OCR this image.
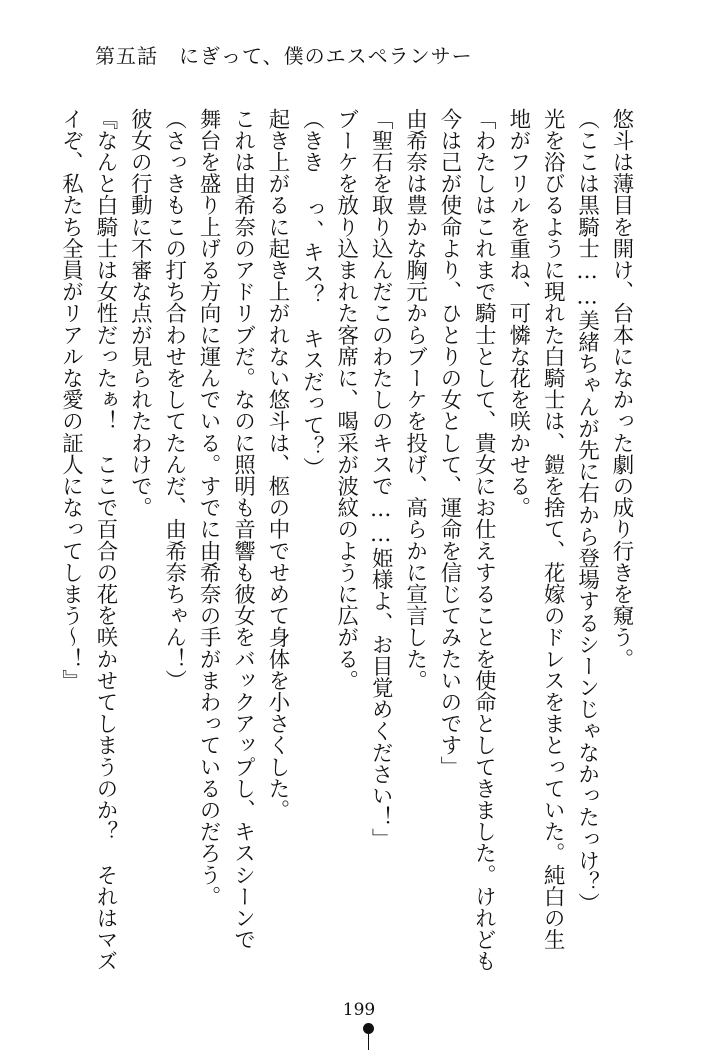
第五話　にぎって、僕のエスペランサー
悠斗は薄目を開け、台本になかった劇の成り行きを窺う。
（ここは黒騎士……美緒ちゃんが先に右から登場するシーンじゃなかったっけ？）
光を浴びるように現れた白騎士は、鎧を捨て、花嫁のドレスをまとっていた。純白の生
地がフリルを重ね、可憐な花を咲かせる。
「わたしはこれまで騎士として、貴女にお仕えすることを使命としてきました。けれども
今は己が使命より、ひとりの女として、運命を信じてみたいのです」
由希奈は豊かな胸元からブーケを投げ、高らかに宣言した。
「聖石を取り込んだこのわたしのキスで……姫様よ、お目覚めください！」
ブーケを放り込まれた客席に、喝采が波紋のように広がる。
（きき っ、キス？　キスだって？）
起き上がるに起き上がれない悠斗は、柩の中でせめて身体を小さくした。
これは由希奈のアドリブだ。なのに照明も音響も彼女をバックアップし、キスシーンで
舞台を盛り上げる方向に運んでいる。すでに由希奈の手がまわっているのだろう。
（さっきもこの打ち合わせをしてたんだ、由希奈ちゃん！）
彼女の行動に不審な点が見られたわけで。
『なんと白騎士は女性だったぁ！　ここで百合の花を咲かせてしまうのか？　それはマズ
イぞ、私たち全員がリアルな愛の証人になってしまう～！』
199
